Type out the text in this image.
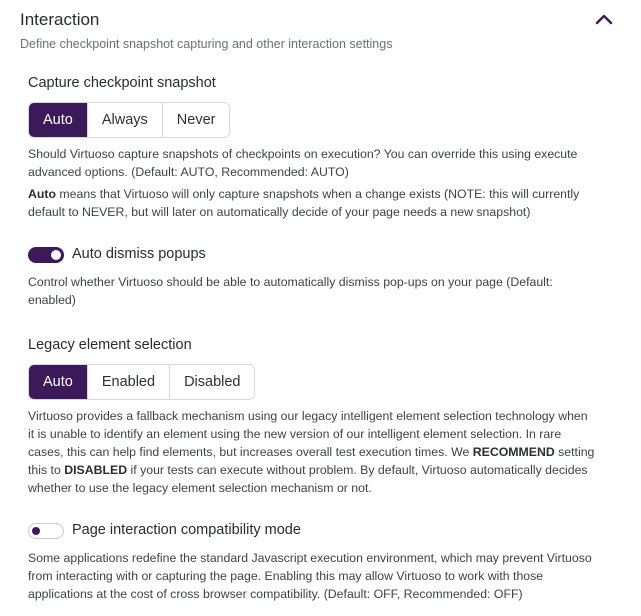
Interaction
Define checkpoint snapshot capturing and other interaction settings
Capture checkpoint snapshot
Auto	Always	Never
Should Virtuoso capture snapshots of checkpoints on execution? You can override this using execute
advanced options. (Default: AUTO, Recommended: AUTO)
Auto means that Virtuoso will only capture snapshots when a change exists (NOTE: this will currently
default to NEVER, but will later on automatically decide of your page needs a new snapshot)
Auto dismiss popups
Control whether Virtuoso should be able to automatically dismiss pop-ups on your page (Default:
enabled)
Legacy element selection
Auto	Enabled	Disabled
Virtuoso provides a fallback mechanism using our legacy intelligent element selection technology when
it is unable to identify an element using the new version of our intelligent element selection. In rare
cases, this can help find elements, but increases overall test execution times. We RECOMMEND setting
this to DISABLED if your tests can execute without problem. By default, Virtuoso automatically decides
whether to use the legacy element selection mechanism or not.
Page interaction compatibility mode
Some applications redefine the standard Javascript execution environment, which may prevent Virtuoso
from interacting with or capturing the page. Enabling this may allow Virtuoso to work with those
applications at the cost of cross browser compatibility. (Default: OFF, Recommended: OFF)
